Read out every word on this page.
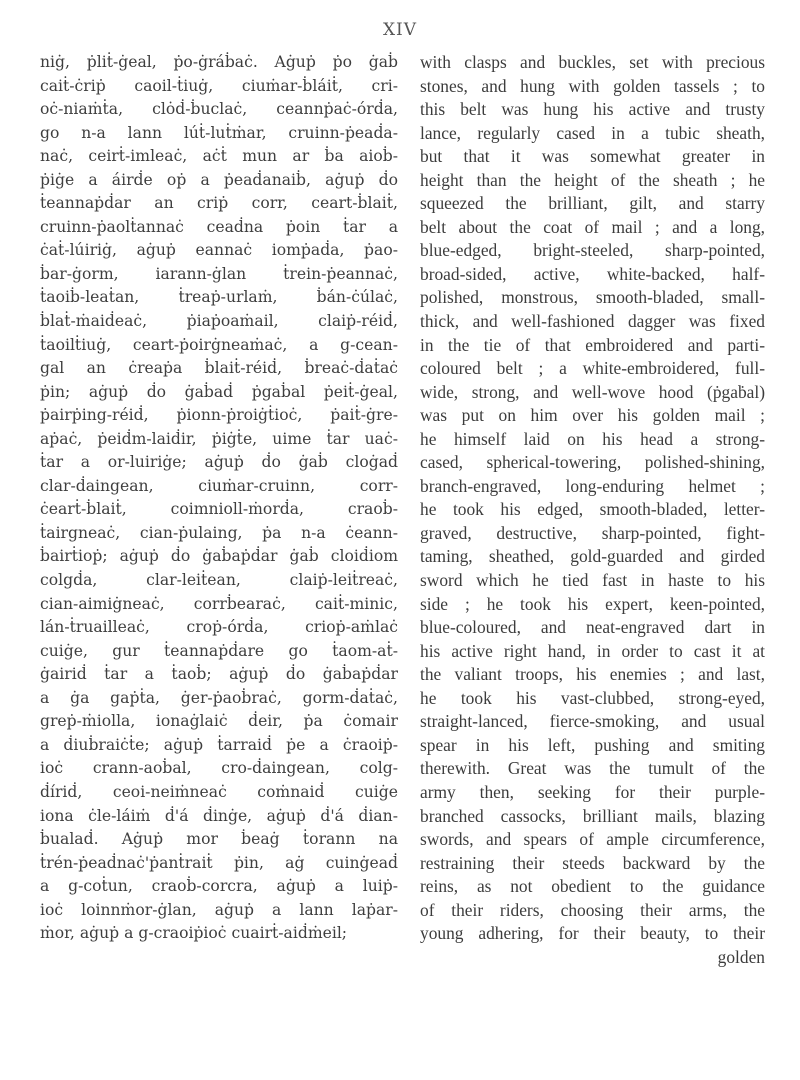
XIV
niġ, ṗliṫ-ġeal, ṗo-ġráḃaċ. Aġuṗ ṗo ġaḃ
caiṫ-ċriṗ caoil-ṫiuġ, ciuṁar-ḃláiṫ, cri-
oċ-niaṁṫa, clȯḋ-ḃuclaċ, ceannṗaċ-órḋa,
go n-a lann lúṫ-luṫṁar, cruinn-ṗeaḋa-
naċ, ceirṫ-imleaċ, aċṫ mun ar ḃa aioḃ-
ṗiġe a áirḋe oṗ a ṗeaḋanaiḃ, aġuṗ ḋo
ṫeannaṗḋar an criṗ corr, ceart-ḃlaiṫ,
cruinn-ṗaolṫannaċ ceaḋna ṗoin ṫar a
ċaṫ-lúiriġ, aġuṗ eannaċ iomṗaḋa, ṗao-
ḃar-ġorm, iarann-ġlan ṫrein-ṗeannaċ,
ṫaoiḃ-leaṫan, ṫreaṗ-urlaṁ, ḃán-ċúlaċ,
ḃlaṫ-ṁaiḋeaċ, ṗiaṗoaṁail, claiṗ-réiḋ,
ṫaoilṫiuġ, ceart-ṗoirġneaṁaċ, a g-cean-
gal an ċreaṗa ḃlaiṫ-réiḋ, ḃreaċ-ḋaṫaċ
ṗin; aġuṗ ḋo ġaḃaḋ ṗgaḃal ṗeiṫ-ġeal,
ṗairṗing-réiḋ, ṗionn-ṗroiġṫioċ, ṗaiṫ-ġre-
aṗaċ, ṗeiḋm-laiḋir, ṗiġṫe, uime ṫar uaċ-
ṫar a or-luiriġe; aġuṗ ḋo ġaḃ cloġaḋ
clar-ḋaingean, ciuṁar-cruinn, corr-
ċearṫ-ḃlaiṫ, coimnioll-ṁorḋa, craoḃ-
ṫairgneaċ, cian-ṗulaing, ṗa n-a ċeann-
ḃairṫioṗ; aġuṗ ḋo ġaḃaṗḋar ġaḃ cloiḋiom
colgḋa, clar-leiṫean, claiṗ-leiṫreaċ,
cian-aimiġneaċ, corrḃearaċ, caiṫ-minic,
lán-ṫruailleaċ, croṗ-órḋa, crioṗ-aṁlaċ
cuiġe, gur ṫeannaṗḋare go ṫaom-aṫ-
ġairiḋ ṫar a ṫaoḃ; aġuṗ ḋo ġaḃaṗḋar
a ġa gaṗṫa, ġer-ṗaoḃraċ, gorm-ḋaṫaċ,
greṗ-ṁiolla, ionaġlaiċ ḋeir, ṗa ċomair
a ḋiuḃraiċṫe; aġuṗ ṫarraiḋ ṗe a ċraoiṗ-
ioċ crann-aoḃal, cro-ḋaingean, colg-
ḋíriḋ, ceoi-neiṁneaċ coṁnaiḋ cuiġe
iona ċle-láiṁ ḋ'á ḋinġe, aġuṗ ḋ'á ḋian-
ḃualaḋ. Aġuṗ mor ḃeaġ ṫorann na
ṫrén-ṗeaḋnaċ'ṗanṫraiṫ ṗin, aġ cuinġeaḋ
a g-coṫun, craoḃ-corcra, aġuṗ a luiṗ-
ioċ loinnṁor-ġlan, aġuṗ a lann laṗar-
ṁor, aġuṗ a g-craoiṗioċ cuairṫ-aiḋṁeil;
with clasps and buckles, set with precious
stones, and hung with golden tassels ; to
this belt was hung his active and trusty
lance, regularly cased in a tubic sheath,
but that it was somewhat greater in
height than the height of the sheath ; he
squeezed the brilliant, gilt, and starry
belt about the coat of mail ; and a long,
blue-edged, bright-steeled, sharp-pointed,
broad-sided, active, white-backed, half-
polished, monstrous, smooth-bladed, small-
thick, and well-fashioned dagger was fixed
in the tie of that embroidered and parti-
coloured belt ; a white-embroidered, full-
wide, strong, and well-wove hood (ṗgaḃal)
was put on him over his golden mail ;
he himself laid on his head a strong-
cased, spherical-towering, polished-shining,
branch-engraved, long-enduring helmet ;
he took his edged, smooth-bladed, letter-
graved, destructive, sharp-pointed, fight-
taming, sheathed, gold-guarded and girded
sword which he tied fast in haste to his
side ; he took his expert, keen-pointed,
blue-coloured, and neat-engraved dart in
his active right hand, in order to cast it at
the valiant troops, his enemies ; and last,
he took his vast-clubbed, strong-eyed,
straight-lanced, fierce-smoking, and usual
spear in his left, pushing and smiting
therewith. Great was the tumult of the
army then, seeking for their purple-
branched cassocks, brilliant mails, blazing
swords, and spears of ample circumference,
restraining their steeds backward by the
reins, as not obedient to the guidance
of their riders, choosing their arms, the
young adhering, for their beauty, to their
golden
